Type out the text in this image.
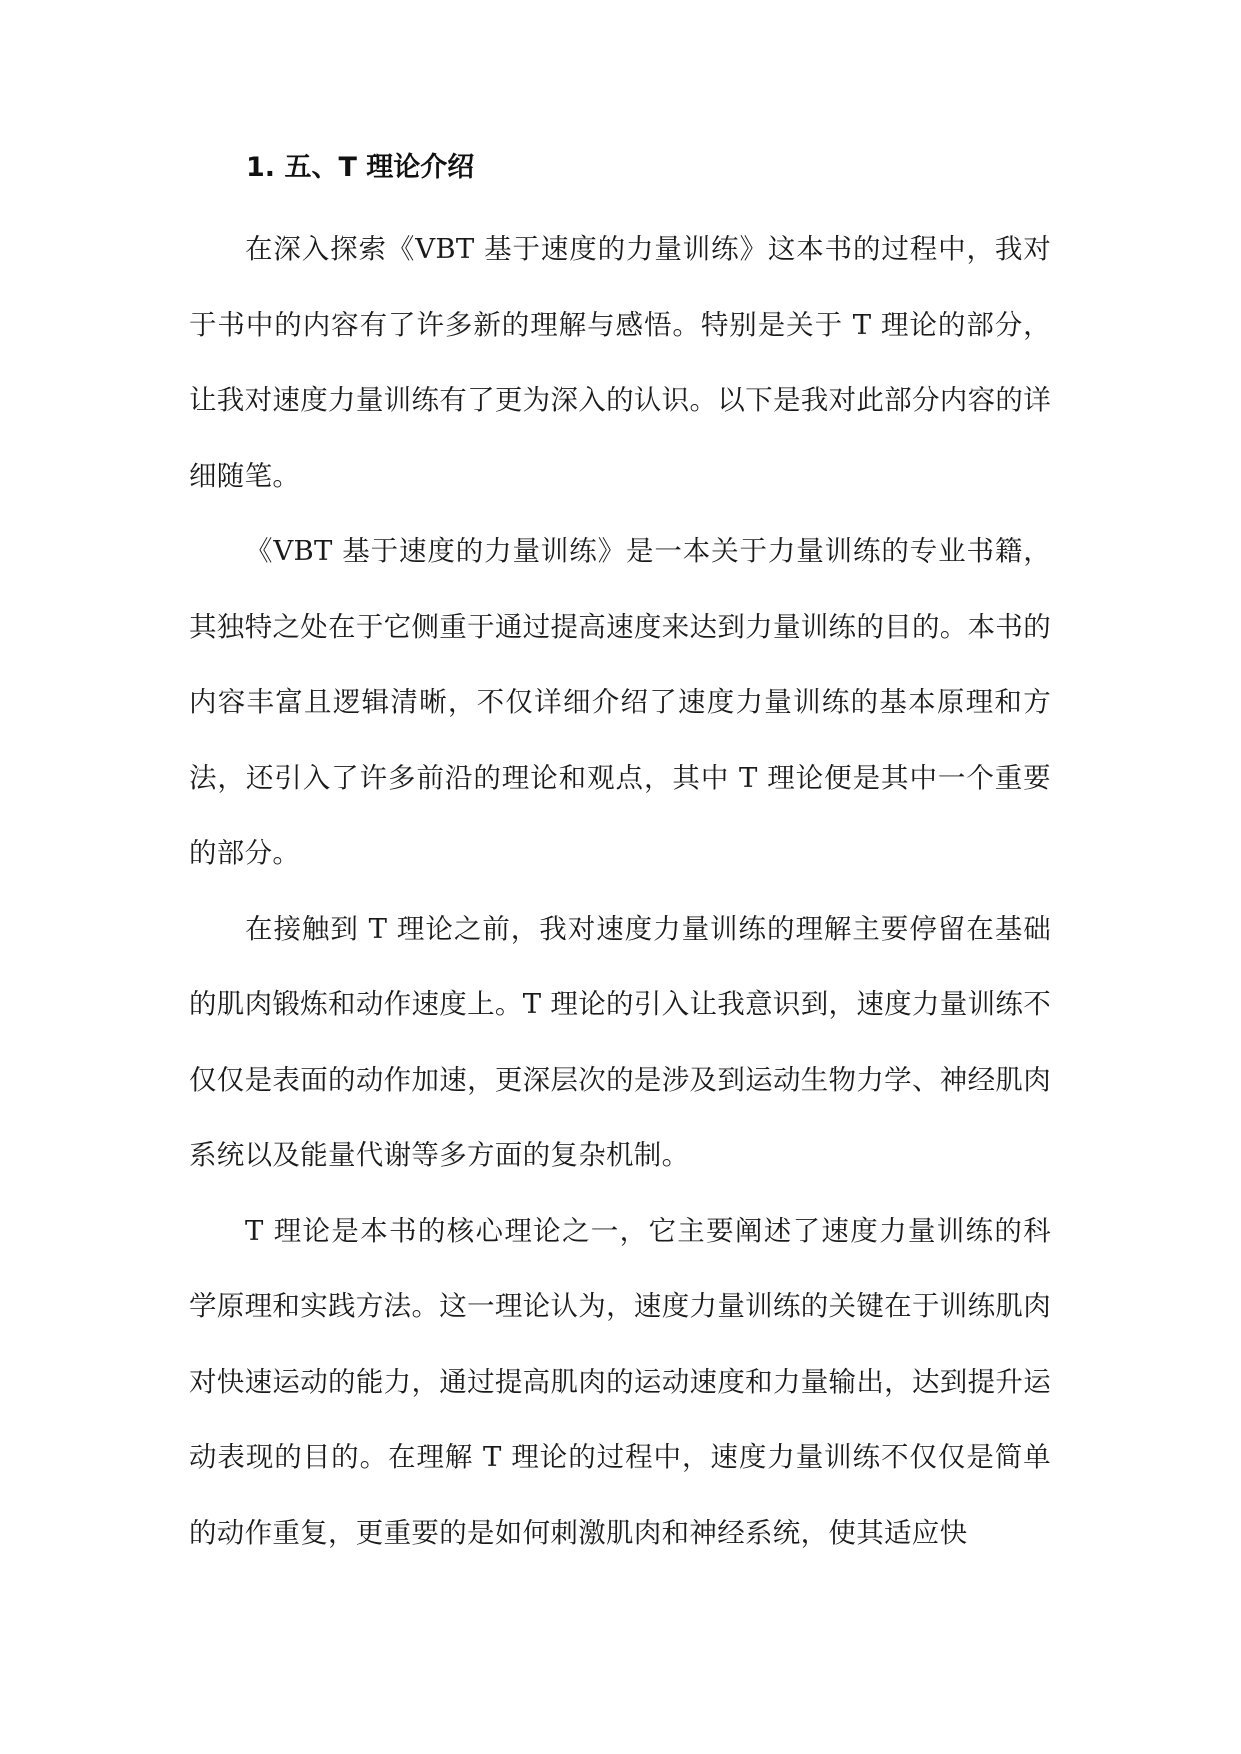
1. 五、T 理论介绍

在深入探索《VBT 基于速度的力量训练》这本书的过程中，我对于书中的内容有了许多新的理解与感悟。特别是关于 T 理论的部分，让我对速度力量训练有了更为深入的认识。以下是我对此部分内容的详细随笔。

《VBT 基于速度的力量训练》是一本关于力量训练的专业书籍，其独特之处在于它侧重于通过提高速度来达到力量训练的目的。本书的内容丰富且逻辑清晰，不仅详细介绍了速度力量训练的基本原理和方法，还引入了许多前沿的理论和观点，其中 T 理论便是其中一个重要的部分。

在接触到 T 理论之前，我对速度力量训练的理解主要停留在基础的肌肉锻炼和动作速度上。T 理论的引入让我意识到，速度力量训练不仅仅是表面的动作加速，更深层次的是涉及到运动生物力学、神经肌肉系统以及能量代谢等多方面的复杂机制。

T 理论是本书的核心理论之一，它主要阐述了速度力量训练的科学原理和实践方法。这一理论认为，速度力量训练的关键在于训练肌肉对快速运动的能力，通过提高肌肉的运动速度和力量输出，达到提升运动表现的目的。在理解 T 理论的过程中，速度力量训练不仅仅是简单的动作重复，更重要的是如何刺激肌肉和神经系统，使其适应快
